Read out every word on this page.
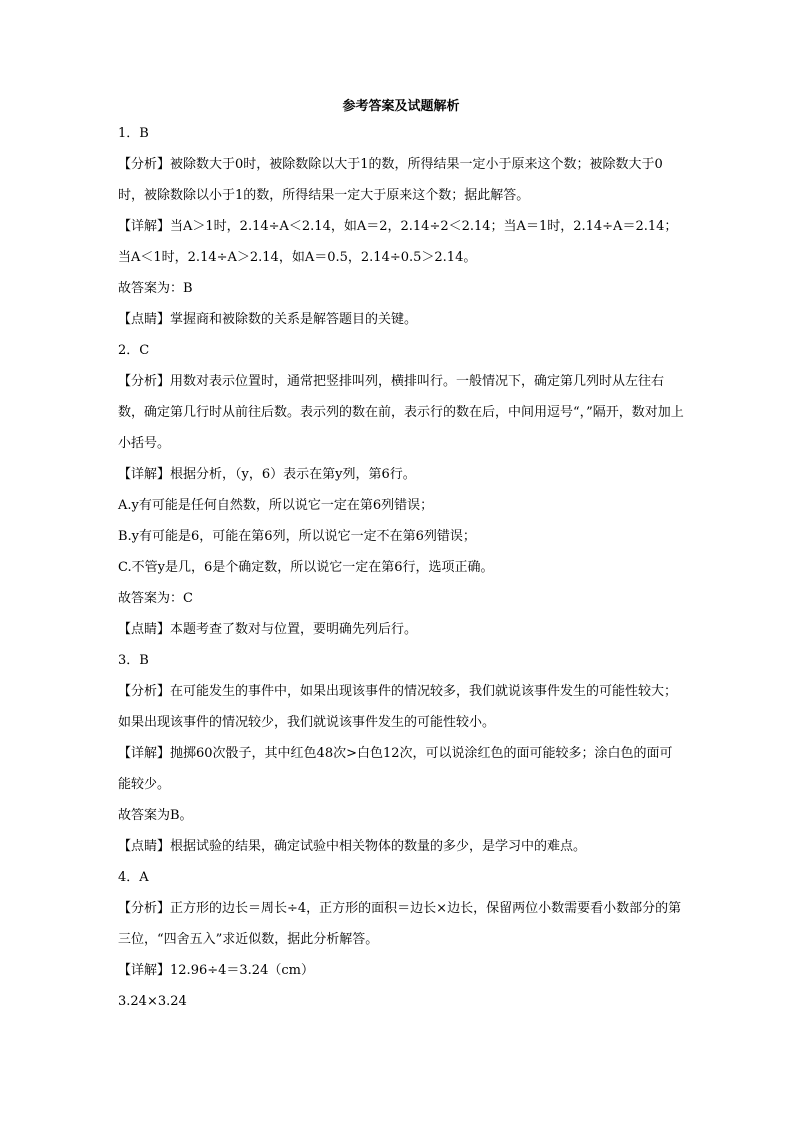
参考答案及试题解析

1．B

【分析】被除数大于0时，被除数除以大于1的数，所得结果一定小于原来这个数；被除数大于0时，被除数除以小于1的数，所得结果一定大于原来这个数；据此解答。

【详解】当A＞1时，2.14÷A＜2.14，如A＝2，2.14÷2＜2.14；当A＝1时，2.14÷A＝2.14；

当A＜1时，2.14÷A＞2.14，如A＝0.5，2.14÷0.5＞2.14。

故答案为：B

【点睛】掌握商和被除数的关系是解答题目的关键。

2．C

【分析】用数对表示位置时，通常把竖排叫列，横排叫行。一般情况下，确定第几列时从左往右数，确定第几行时从前往后数。表示列的数在前，表示行的数在后，中间用逗号“，”隔开，数对加上小括号。

【详解】根据分析，（y，6）表示在第y列，第6行。

A.y有可能是任何自然数，所以说它一定在第6列错误；

B.y有可能是6，可能在第6列，所以说它一定不在第6列错误；

C.不管y是几，6是个确定数，所以说它一定在第6行，选项正确。

故答案为：C

【点睛】本题考查了数对与位置，要明确先列后行。

3．B

【分析】在可能发生的事件中，如果出现该事件的情况较多，我们就说该事件发生的可能性较大；如果出现该事件的情况较少，我们就说该事件发生的可能性较小。

【详解】抛掷60次骰子，其中红色48次>白色12次，可以说涂红色的面可能较多；涂白色的面可能较少。

故答案为B。

【点睛】根据试验的结果，确定试验中相关物体的数量的多少，是学习中的难点。

4．A

【分析】正方形的边长＝周长÷4，正方形的面积＝边长×边长，保留两位小数需要看小数部分的第三位，“四舍五入”求近似数，据此分析解答。

【详解】12.96÷4＝3.24（cm）

3.24×3.24
